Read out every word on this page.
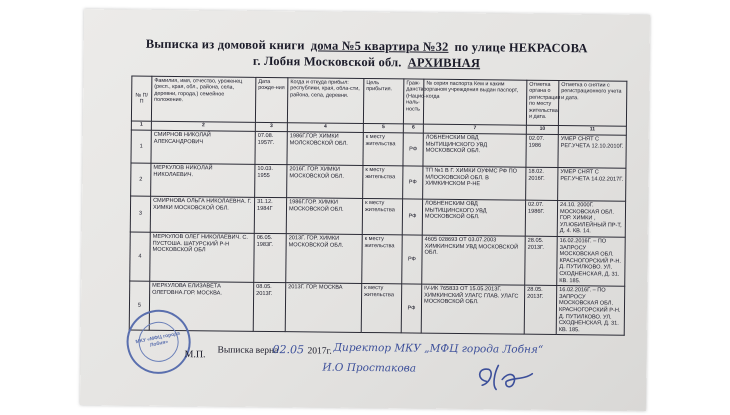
Выписка из домовой книги дома №5 квартира №32 по улице НЕКРАСОВА
г. Лобня Московской обл. АРХИВНАЯ
№ П/П	Фамилия, имя, отчество, уроженец (респ., края, обл., района, села, деревни, города,) семейное положение.	Дата рожде-ния	Когда и откуда прибыл: республики, края, обла-сти, района, села, деревни.	Цель прибытия.	Граж-данство (Нацио-наль-ность	№ серия паспорта Кем и каким органом учреждения выдан паспорт, когда	Отметка органа о регистрации по месту жительства и дата.	Отметка о снятии с регистрационного учета и дата.
1	2	3	4	5	6	7	10	11
1	СМИРНОВ НИКОЛАЙ АЛЕКСАНДРОВИЧ	07.08. 1957Г.	1986Г.ГОР. ХИМКИ МОЛСКОВСКОЙ ОБЛ.	к месту жительства	РФ	ЛОБНЕНСКИМ ОВД МЫТИЩИНСКОГО УВД МОСКОВСКОЙ ОБЛ.	02.07. 1986	УМЕР СНЯТ С РЕГ.УЧЕТА 12.10.2010Г.
2	МЕРКУЛОВ НИКОЛАЙ НИКОЛАЕВИЧ.	10.03. 1955	2016Г. ГОР. ХИМКИ МОСКОВСКОЙ ОБЛ.	к месту жительства	РФ	ТП №1 В Г. ХИМКИ ОУФМС РФ ПО МЛОСКОВСКОЙ ОБЛ. В ХИМКИНСКОМ Р-НЕ	18.02. 2016Г.	УМЕР СНЯТ С РЕГ.УЧЕТА 14.02.2017Г.
3	СМИРНОВА ОЛЬГА НИКОЛАЕВНА. Г. ХИМКИ МОСКОВСКОЙ ОБЛ.	31.12. 1984Г	1986Г.ГОР. ХИМКИ МОСКОВСКОЙ ОБЛ.	к месту жительства	РФ	ЛОБНЕНСКИМ ОВД МЫТИЩИНСКОГО УВД МОСКОВСКОЙ ОБЛ.	02.07. 1986Г.	24.10. 2000Г. МОСКОВСКАЯ ОБЛ. ГОР. ХИМКИ , УЛ.ЮБИЛЕЙНЫЙ ПР-Т, Д. 4. КВ. 14.
4	МЕРКУЛОВ ОЛЕГ НИКОЛАЕВИЧ. С. ПУСТОША. ШАТУРСКИЙ Р-Н МОСКОВСКОЙ ОБЛ	06.05. 1983Г.	2013Г. ГОР. ХИМКИ МОСКОВСКОЙ ОБЛ.	к месту жительства	РФ	4605 028693 ОТ 03.07.2003 ХИМКИНСКИМ УВД МОСКОВСКОЙ ОБЛ.	28.05. 2013Г.	16.02.2016Г. – ПО ЗАПРОСУ МОСКОВСКАЯ ОБЛ. КРАСНОГОРСКИЙ Р-Н. Д. ПУТИЛКОВО. УЛ. СХОДНЕНСКАЯ, Д. 31. КВ. 185.
5	МЕРКУЛОВА ЕЛИЗАВЕТА ОЛЕГОВНА.ГОР. МОСКВА.	08.05. 2013Г.	2013Г. ГОР. МОСКВА	к месту жительства	РФ	IV-ИК 765833 ОТ 15.05.2013Г. ХИМКИНСКИЙ УЛАГС ГЛАВ. УЛАГС МОСКОВСКОЙ ОБЛ.	28.05. 2013Г.	16.02.2016Г. – ПО ЗАПРОСУ МОСКОВСКАЯ ОБЛ. КРАСНОГОРСКИЙ Р-Н. Д. ПУТИЛКОВО. УЛ. СХОДНЕНСКАЯ, Д. 31. КВ. 185.
МКУ «МФЦ города Лобня»
М.П. Выписка верна
02.05 2017г. Директор МКУ „МФЦ города Лобня“
И.О Простакова
